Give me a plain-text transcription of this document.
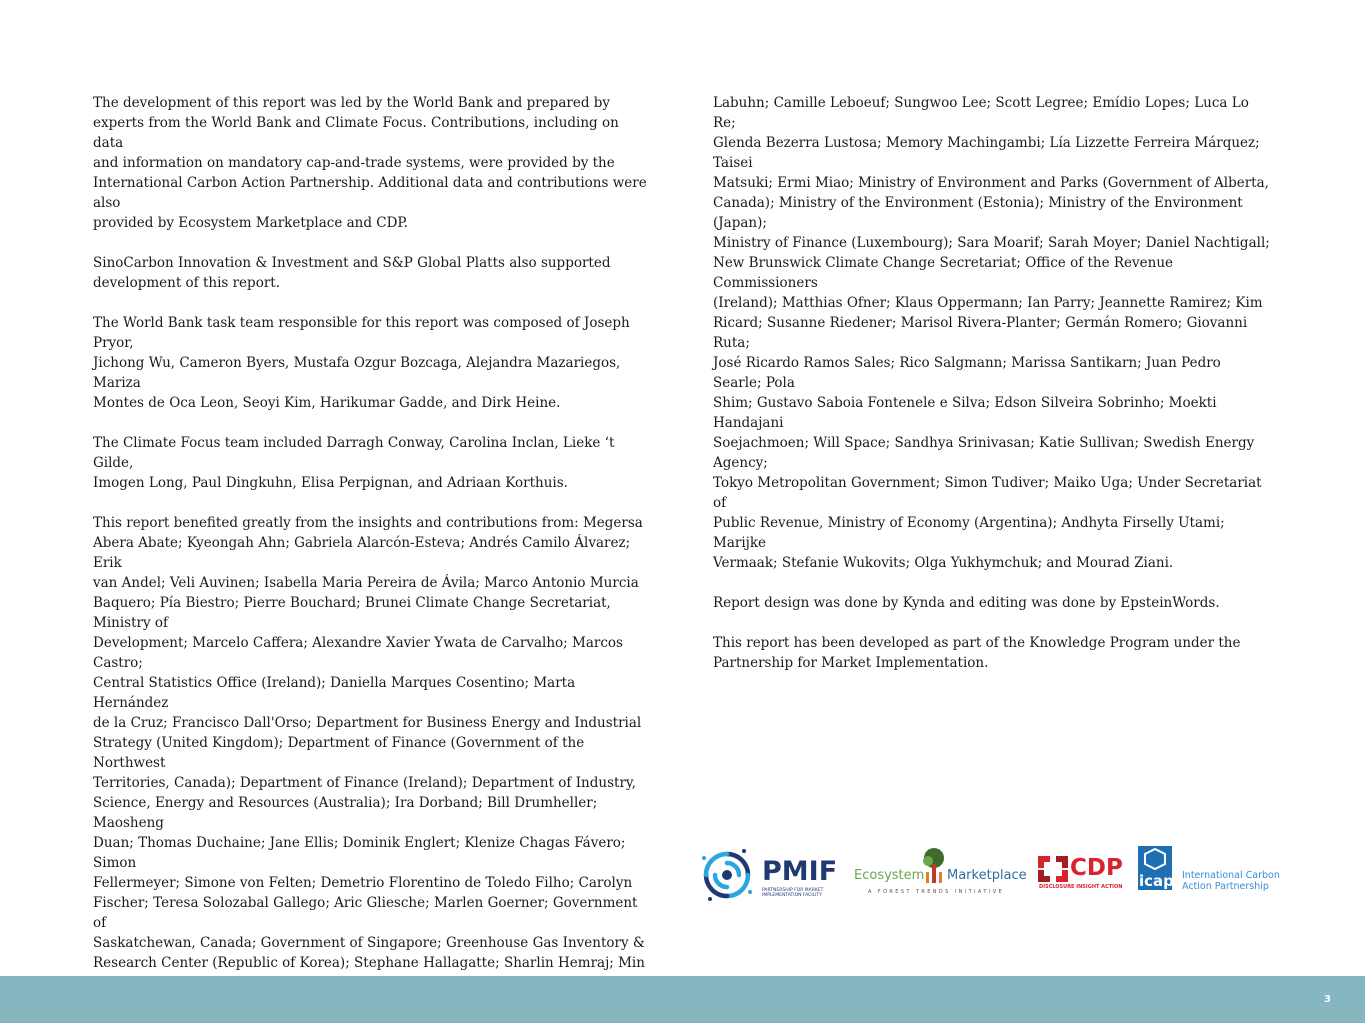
The development of this report was led by the World Bank and prepared by
experts from the World Bank and Climate Focus. Contributions, including on data
and information on mandatory cap-and-trade systems, were provided by the
International Carbon Action Partnership. Additional data and contributions were also
provided by Ecosystem Marketplace and CDP.

SinoCarbon Innovation & Investment and S&P Global Platts also supported
development of this report.

The World Bank task team responsible for this report was composed of Joseph Pryor,
Jichong Wu, Cameron Byers, Mustafa Ozgur Bozcaga, Alejandra Mazariegos, Mariza
Montes de Oca Leon, Seoyi Kim, Harikumar Gadde, and Dirk Heine.

The Climate Focus team included Darragh Conway, Carolina Inclan, Lieke ‘t Gilde,
Imogen Long, Paul Dingkuhn, Elisa Perpignan, and Adriaan Korthuis.

This report benefited greatly from the insights and contributions from: Megersa
Abera Abate; Kyeongah Ahn; Gabriela Alarcón-Esteva; Andrés Camilo Álvarez; Erik
van Andel; Veli Auvinen; Isabella Maria Pereira de Ávila; Marco Antonio Murcia
Baquero; Pía Biestro; Pierre Bouchard; Brunei Climate Change Secretariat, Ministry of
Development; Marcelo Caffera; Alexandre Xavier Ywata de Carvalho; Marcos Castro;
Central Statistics Office (Ireland); Daniella Marques Cosentino; Marta Hernández
de la Cruz; Francisco Dall'Orso; Department for Business Energy and Industrial
Strategy (United Kingdom); Department of Finance (Government of the Northwest
Territories, Canada); Department of Finance (Ireland); Department of Industry,
Science, Energy and Resources (Australia); Ira Dorband; Bill Drumheller; Maosheng
Duan; Thomas Duchaine; Jane Ellis; Dominik Englert; Klenize Chagas Fávero; Simon
Fellermeyer; Simone von Felten; Demetrio Florentino de Toledo Filho; Carolyn
Fischer; Teresa Solozabal Gallego; Aric Gliesche; Marlen Goerner; Government of
Saskatchewan, Canada; Government of Singapore; Greenhouse Gas Inventory &
Research Center (Republic of Korea); Stephane Hallagatte; Sharlin Hemraj; Min

Labuhn; Camille Leboeuf; Sungwoo Lee; Scott Legree; Emídio Lopes; Luca Lo Re;
Glenda Bezerra Lustosa; Memory Machingambi; Lía Lizzette Ferreira Márquez; Taisei
Matsuki; Ermi Miao; Ministry of Environment and Parks (Government of Alberta,
Canada); Ministry of the Environment (Estonia); Ministry of the Environment (Japan);
Ministry of Finance (Luxembourg); Sara Moarif; Sarah Moyer; Daniel Nachtigall;
New Brunswick Climate Change Secretariat; Office of the Revenue Commissioners
(Ireland); Matthias Ofner; Klaus Oppermann; Ian Parry; Jeannette Ramirez; Kim
Ricard; Susanne Riedener; Marisol Rivera-Planter; Germán Romero; Giovanni Ruta;
José Ricardo Ramos Sales; Rico Salgmann; Marissa Santikarn; Juan Pedro Searle; Pola
Shim; Gustavo Saboia Fontenele e Silva; Edson Silveira Sobrinho; Moekti Handajani
Soejachmoen; Will Space; Sandhya Srinivasan; Katie Sullivan; Swedish Energy Agency;
Tokyo Metropolitan Government; Simon Tudiver; Maiko Uga; Under Secretariat of
Public Revenue, Ministry of Economy (Argentina); Andhyta Firselly Utami; Marijke
Vermaak; Stefanie Wukovits; Olga Yukhymchuk; and Mourad Ziani.

Report design was done by Kynda and editing was done by EpsteinWords.

This report has been developed as part of the Knowledge Program under the
Partnership for Market Implementation.

PMIF
PARTNERSHIP FOR MARKET
IMPLEMENTATION FACILITY
Ecosystem Marketplace
A FOREST TRENDS INITIATIVE
CDP
DISCLOSURE INSIGHT ACTION icap International Carbon
Action Partnership
3
